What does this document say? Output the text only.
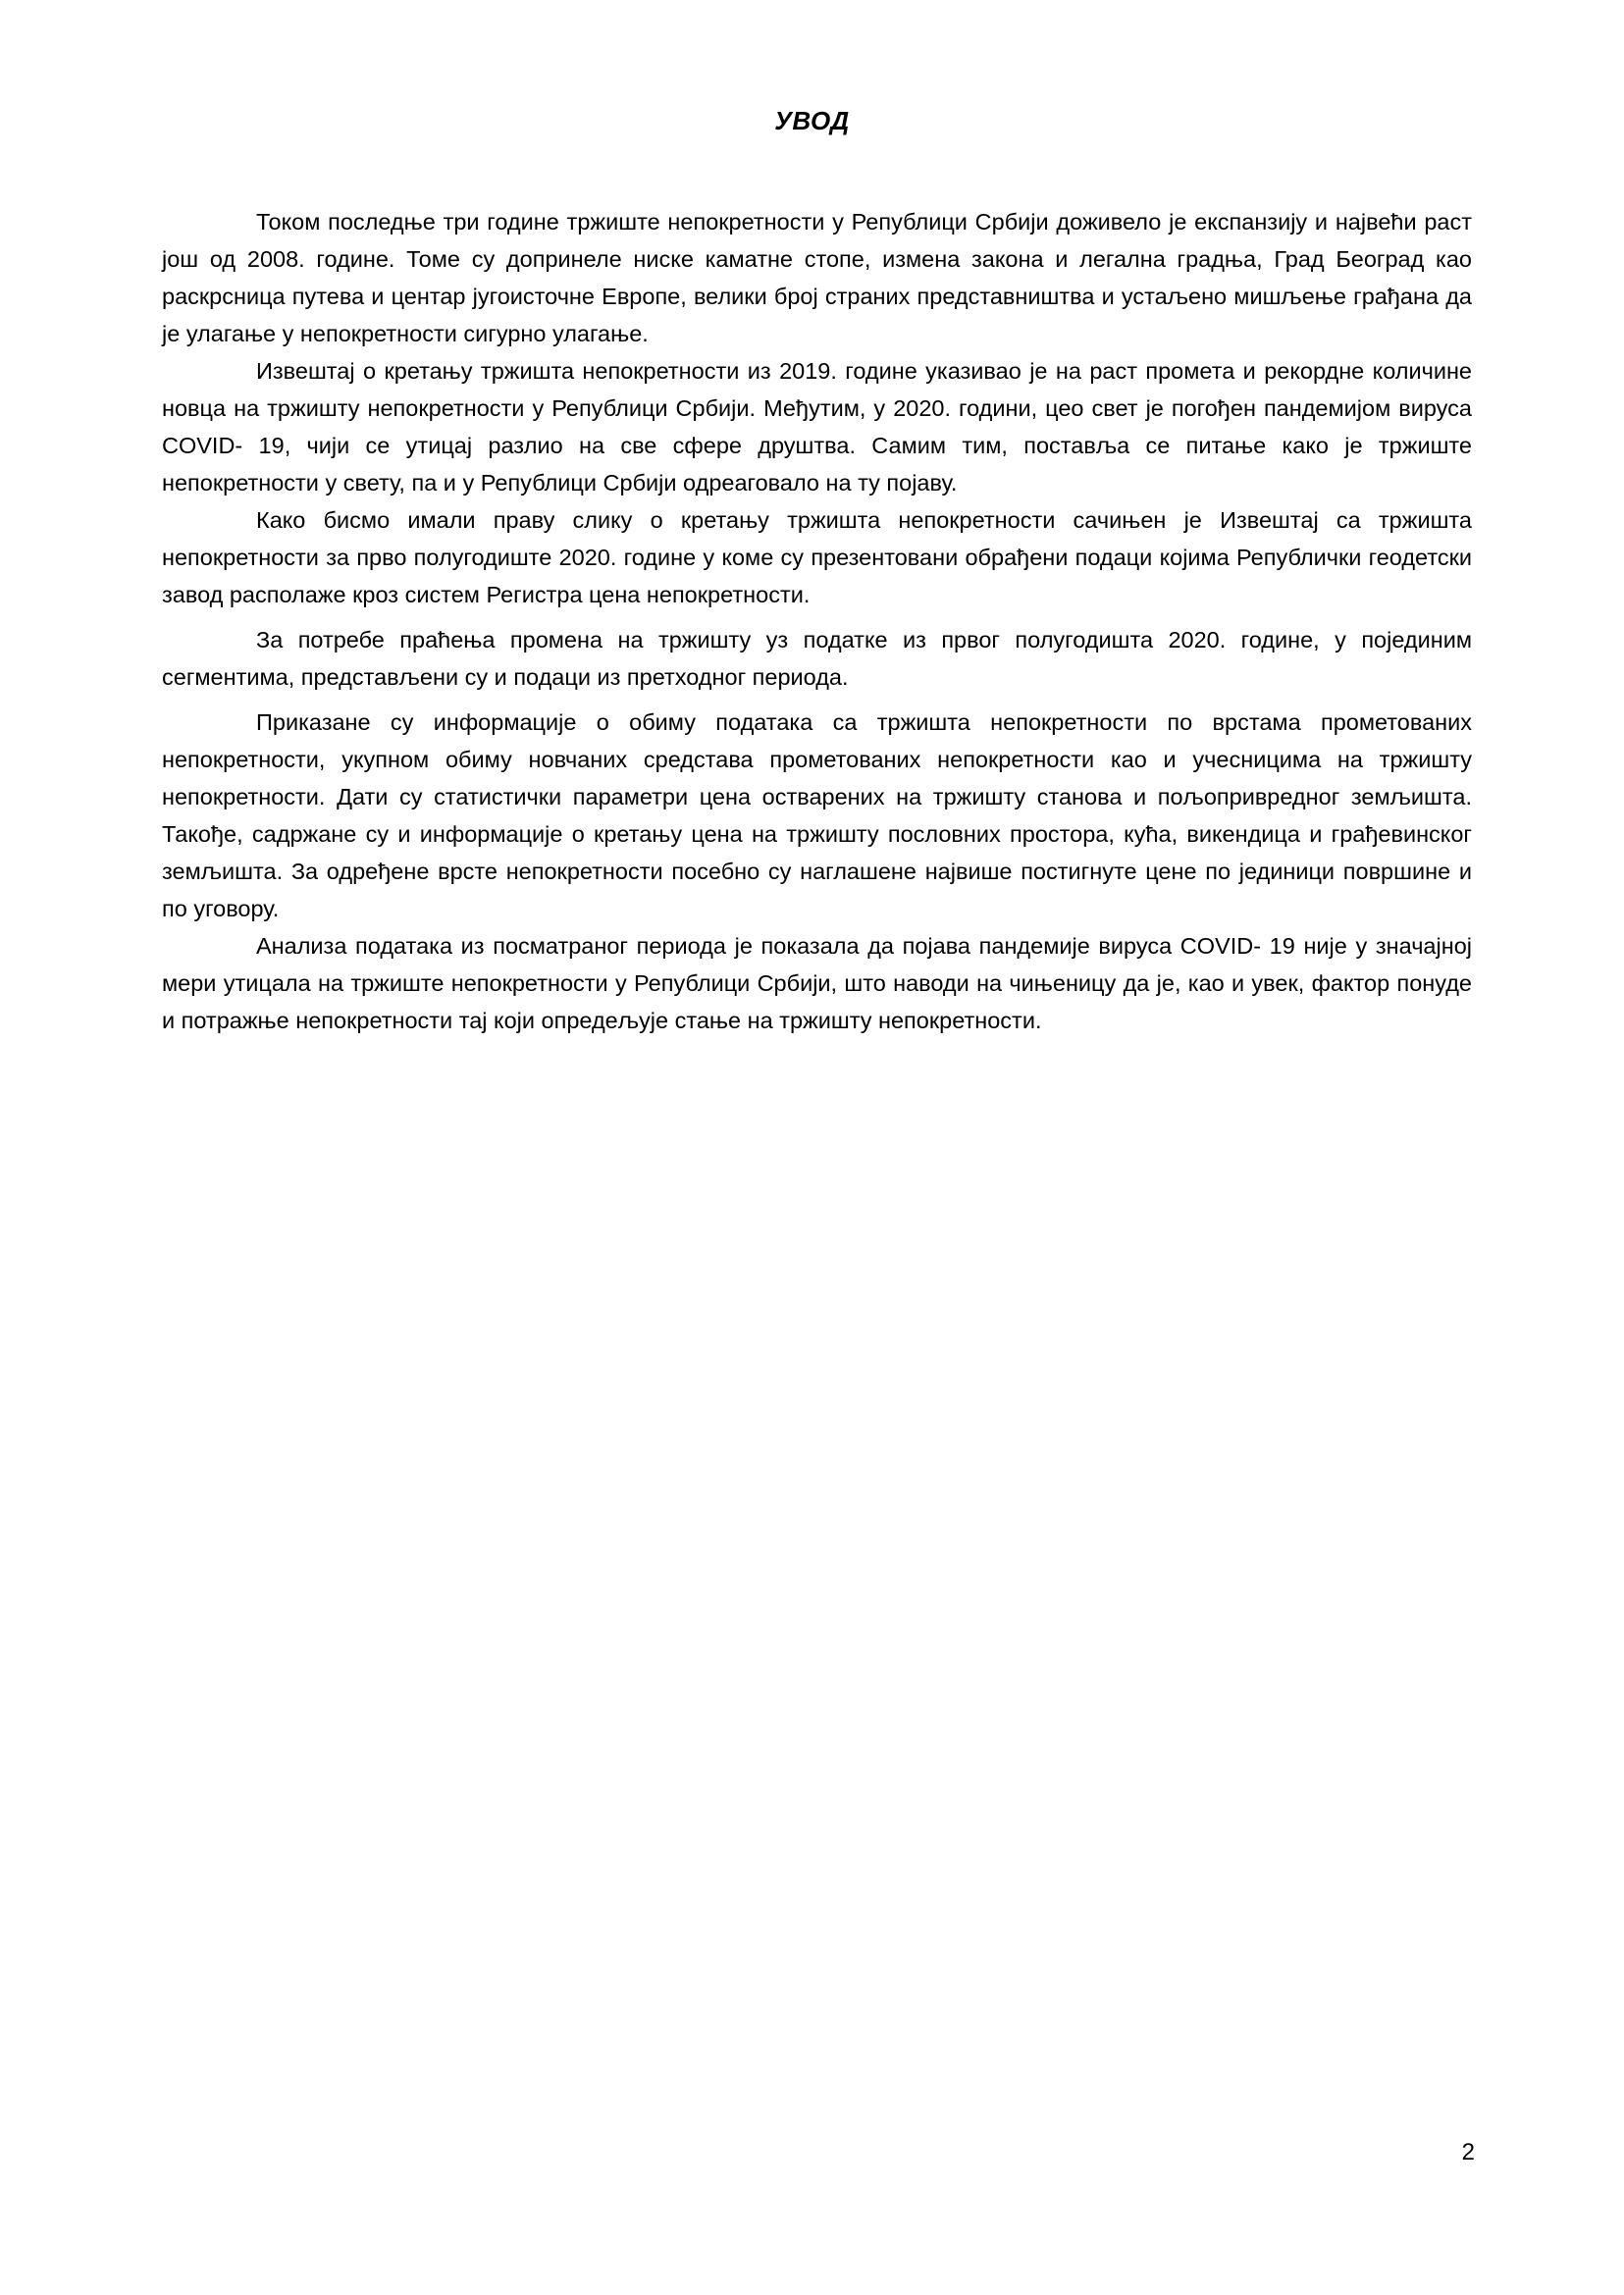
УВОД

Током последње три године тржиште непокретности у Републици Србији доживело је експанзију и највећи раст још од 2008. године. Томе су допринеле ниске каматне стопе, измена закона и легална градња, Град Београд као раскрсница путева и центар југоисточне Европе, велики број страних представништва и устаљено мишљење грађана да је улагање у непокретности сигурно улагање.

Извештај о кретању тржишта непокретности из 2019. године указивао је на раст промета и рекордне количине новца на тржишту непокретности у Републици Србији. Међутим, у 2020. години, цео свет је погођен пандемијом вируса COVID- 19, чији се утицај разлио на све сфере друштва. Самим тим, поставља се питање како је тржиште непокретности у свету, па и у Републици Србији одреаговало на ту појаву.

Како бисмо имали праву слику о кретању тржишта непокретности сачињен је Извештај са тржишта непокретности за прво полугодиште 2020. године у коме су презентовани обрађени подаци којима Републички геодетски завод располаже кроз систем Регистра цена непокретности.

За потребе праћења промена на тржишту уз податке из првог полугодишта 2020. године, у појединим сегментима, представљени су и подаци из претходног периода.

Приказане су информације о обиму података са тржишта непокретности по врстама прометованих непокретности, укупном обиму новчаних средстава прометованих непокретности као и учесницима на тржишту непокретности. Дати су статистички параметри цена остварених на тржишту станова и пољопривредног земљишта. Такође, садржане су и информације о кретању цена на тржишту пословних простора, кућа, викендица и грађевинског земљишта. За одређене врсте непокретности посебно су наглашене највише постигнуте цене по јединици површине и по уговору.

Анализа података из посматраног периода је показала да појава пандемије вируса COVID- 19 није у значајној мери утицала на тржиште непокретности у Републици Србији, што наводи на чињеницу да је, као и увек, фактор понуде и потражње непокретности тај који опредељује стање на тржишту непокретности.

2
